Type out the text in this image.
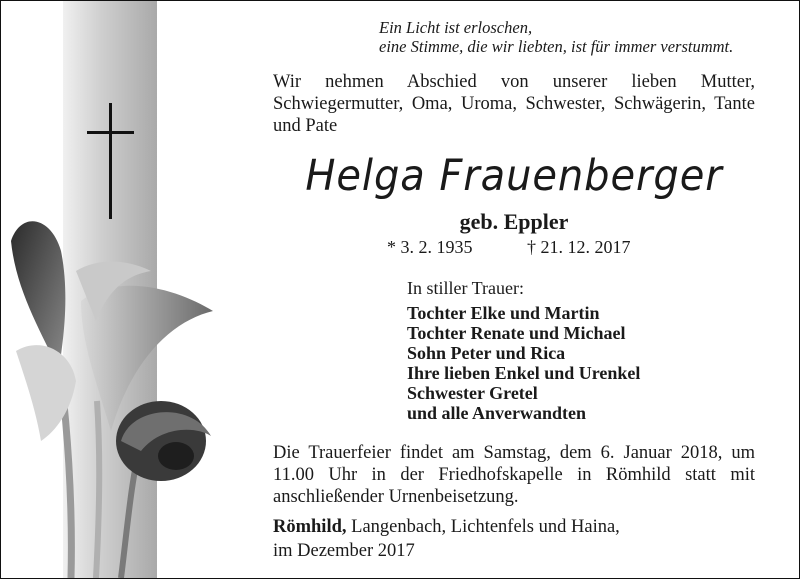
Ein Licht ist erloschen,
eine Stimme, die wir liebten, ist für immer verstummt.
Wir nehmen Abschied von unserer lieben Mutter, Schwiegermutter, Oma, Uroma, Schwester, Schwägerin, Tante und Pate
Helga Frauenberger
geb. Eppler
* 3. 2. 1935	† 21. 12. 2017
In stiller Trauer:
Tochter Elke und Martin
Tochter Renate und Michael
Sohn Peter und Rica
Ihre lieben Enkel und Urenkel
Schwester Gretel
und alle Anverwandten
Die Trauerfeier findet am Samstag, dem 6. Januar 2018, um 11.00 Uhr in der Friedhofskapelle in Römhild statt mit anschließender Urnenbeisetzung.
Römhild, Langenbach, Lichtenfels und Haina,
im Dezember 2017
